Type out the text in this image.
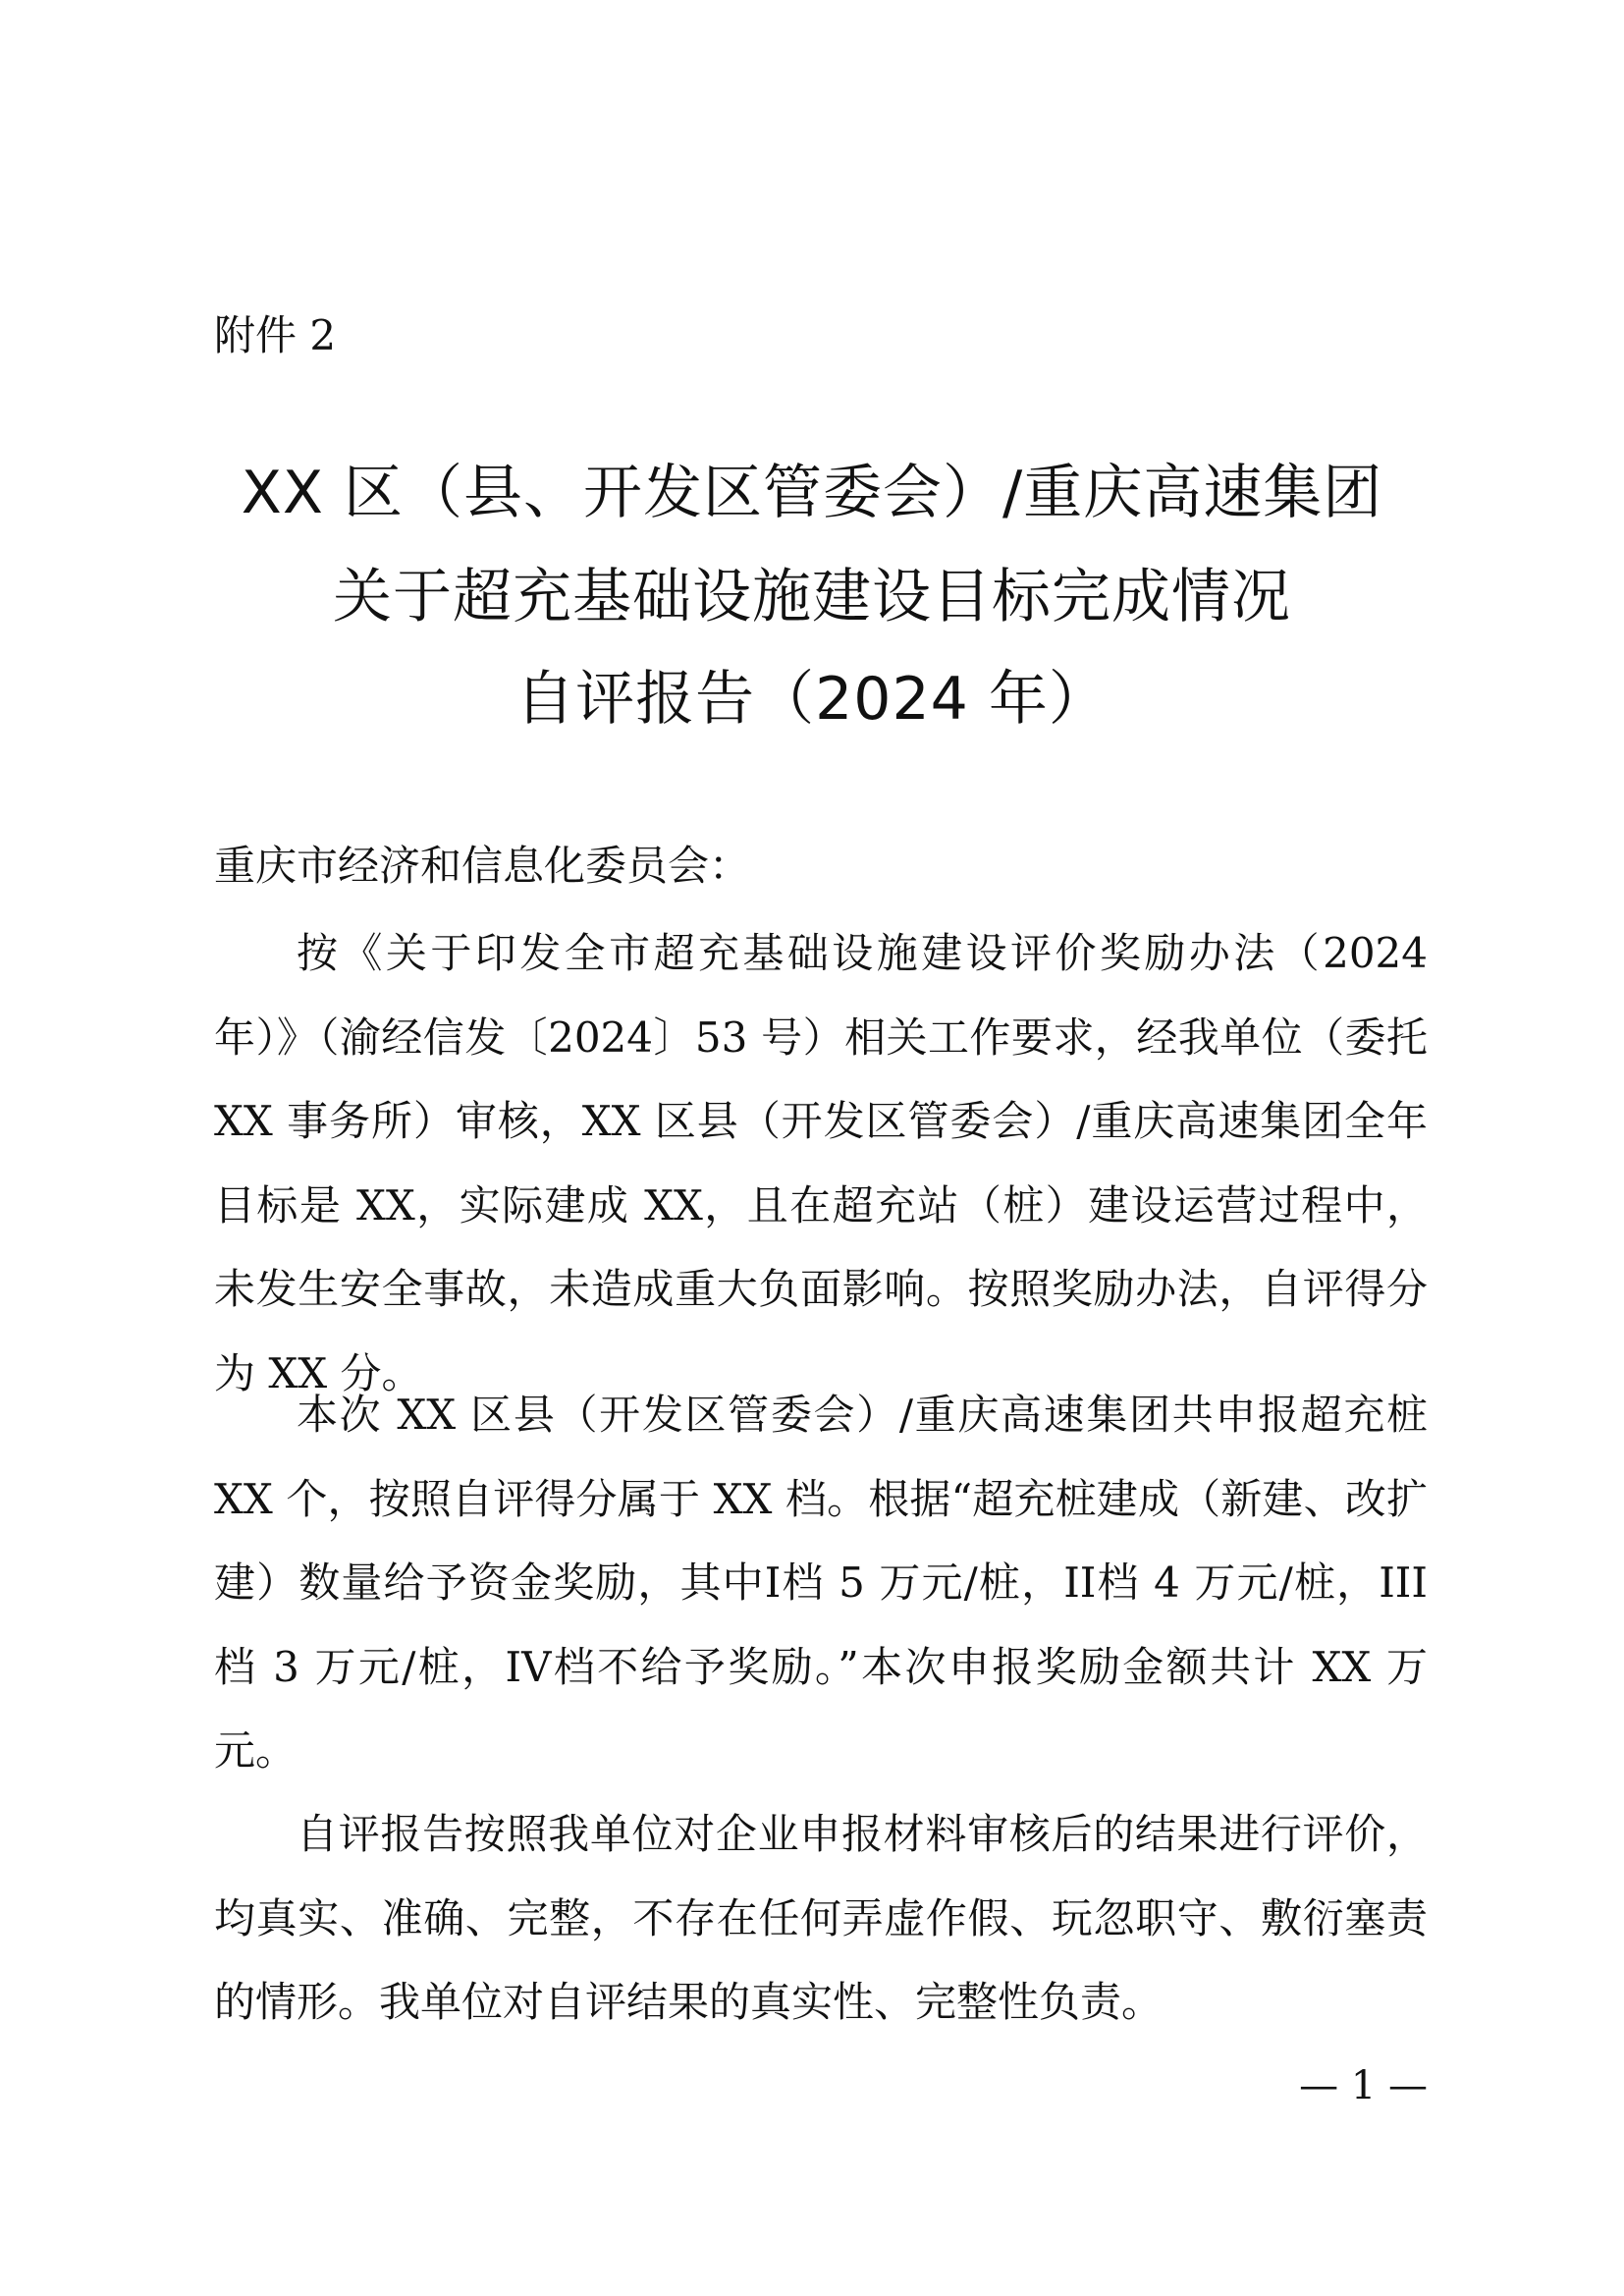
附件 2
XX 区（县、开发区管委会）/重庆高速集团
关于超充基础设施建设目标完成情况
自评报告（2024 年）
重庆市经济和信息化委员会：

按《关于印发全市超充基础设施建设评价奖励办法（2024 年）》（渝经信发〔2024〕53 号）相关工作要求，经我单位（委托 XX 事务所）审核，XX 区县（开发区管委会）/重庆高速集团全年目标是 XX，实际建成 XX，且在超充站（桩）建设运营过程中，未发生安全事故，未造成重大负面影响。按照奖励办法，自评得分为 XX 分。

本次 XX 区县（开发区管委会）/重庆高速集团共申报超充桩 XX 个，按照自评得分属于 XX 档。根据“超充桩建成（新建、改扩建）数量给予资金奖励，其中I档 5 万元/桩，II档 4 万元/桩，III档 3 万元/桩，IV档不给予奖励。”本次申报奖励金额共计 XX 万元。

自评报告按照我单位对企业申报材料审核后的结果进行评价，均真实、准确、完整，不存在任何弄虚作假、玩忽职守、敷衍塞责的情形。我单位对自评结果的真实性、完整性负责。

— 1 —
